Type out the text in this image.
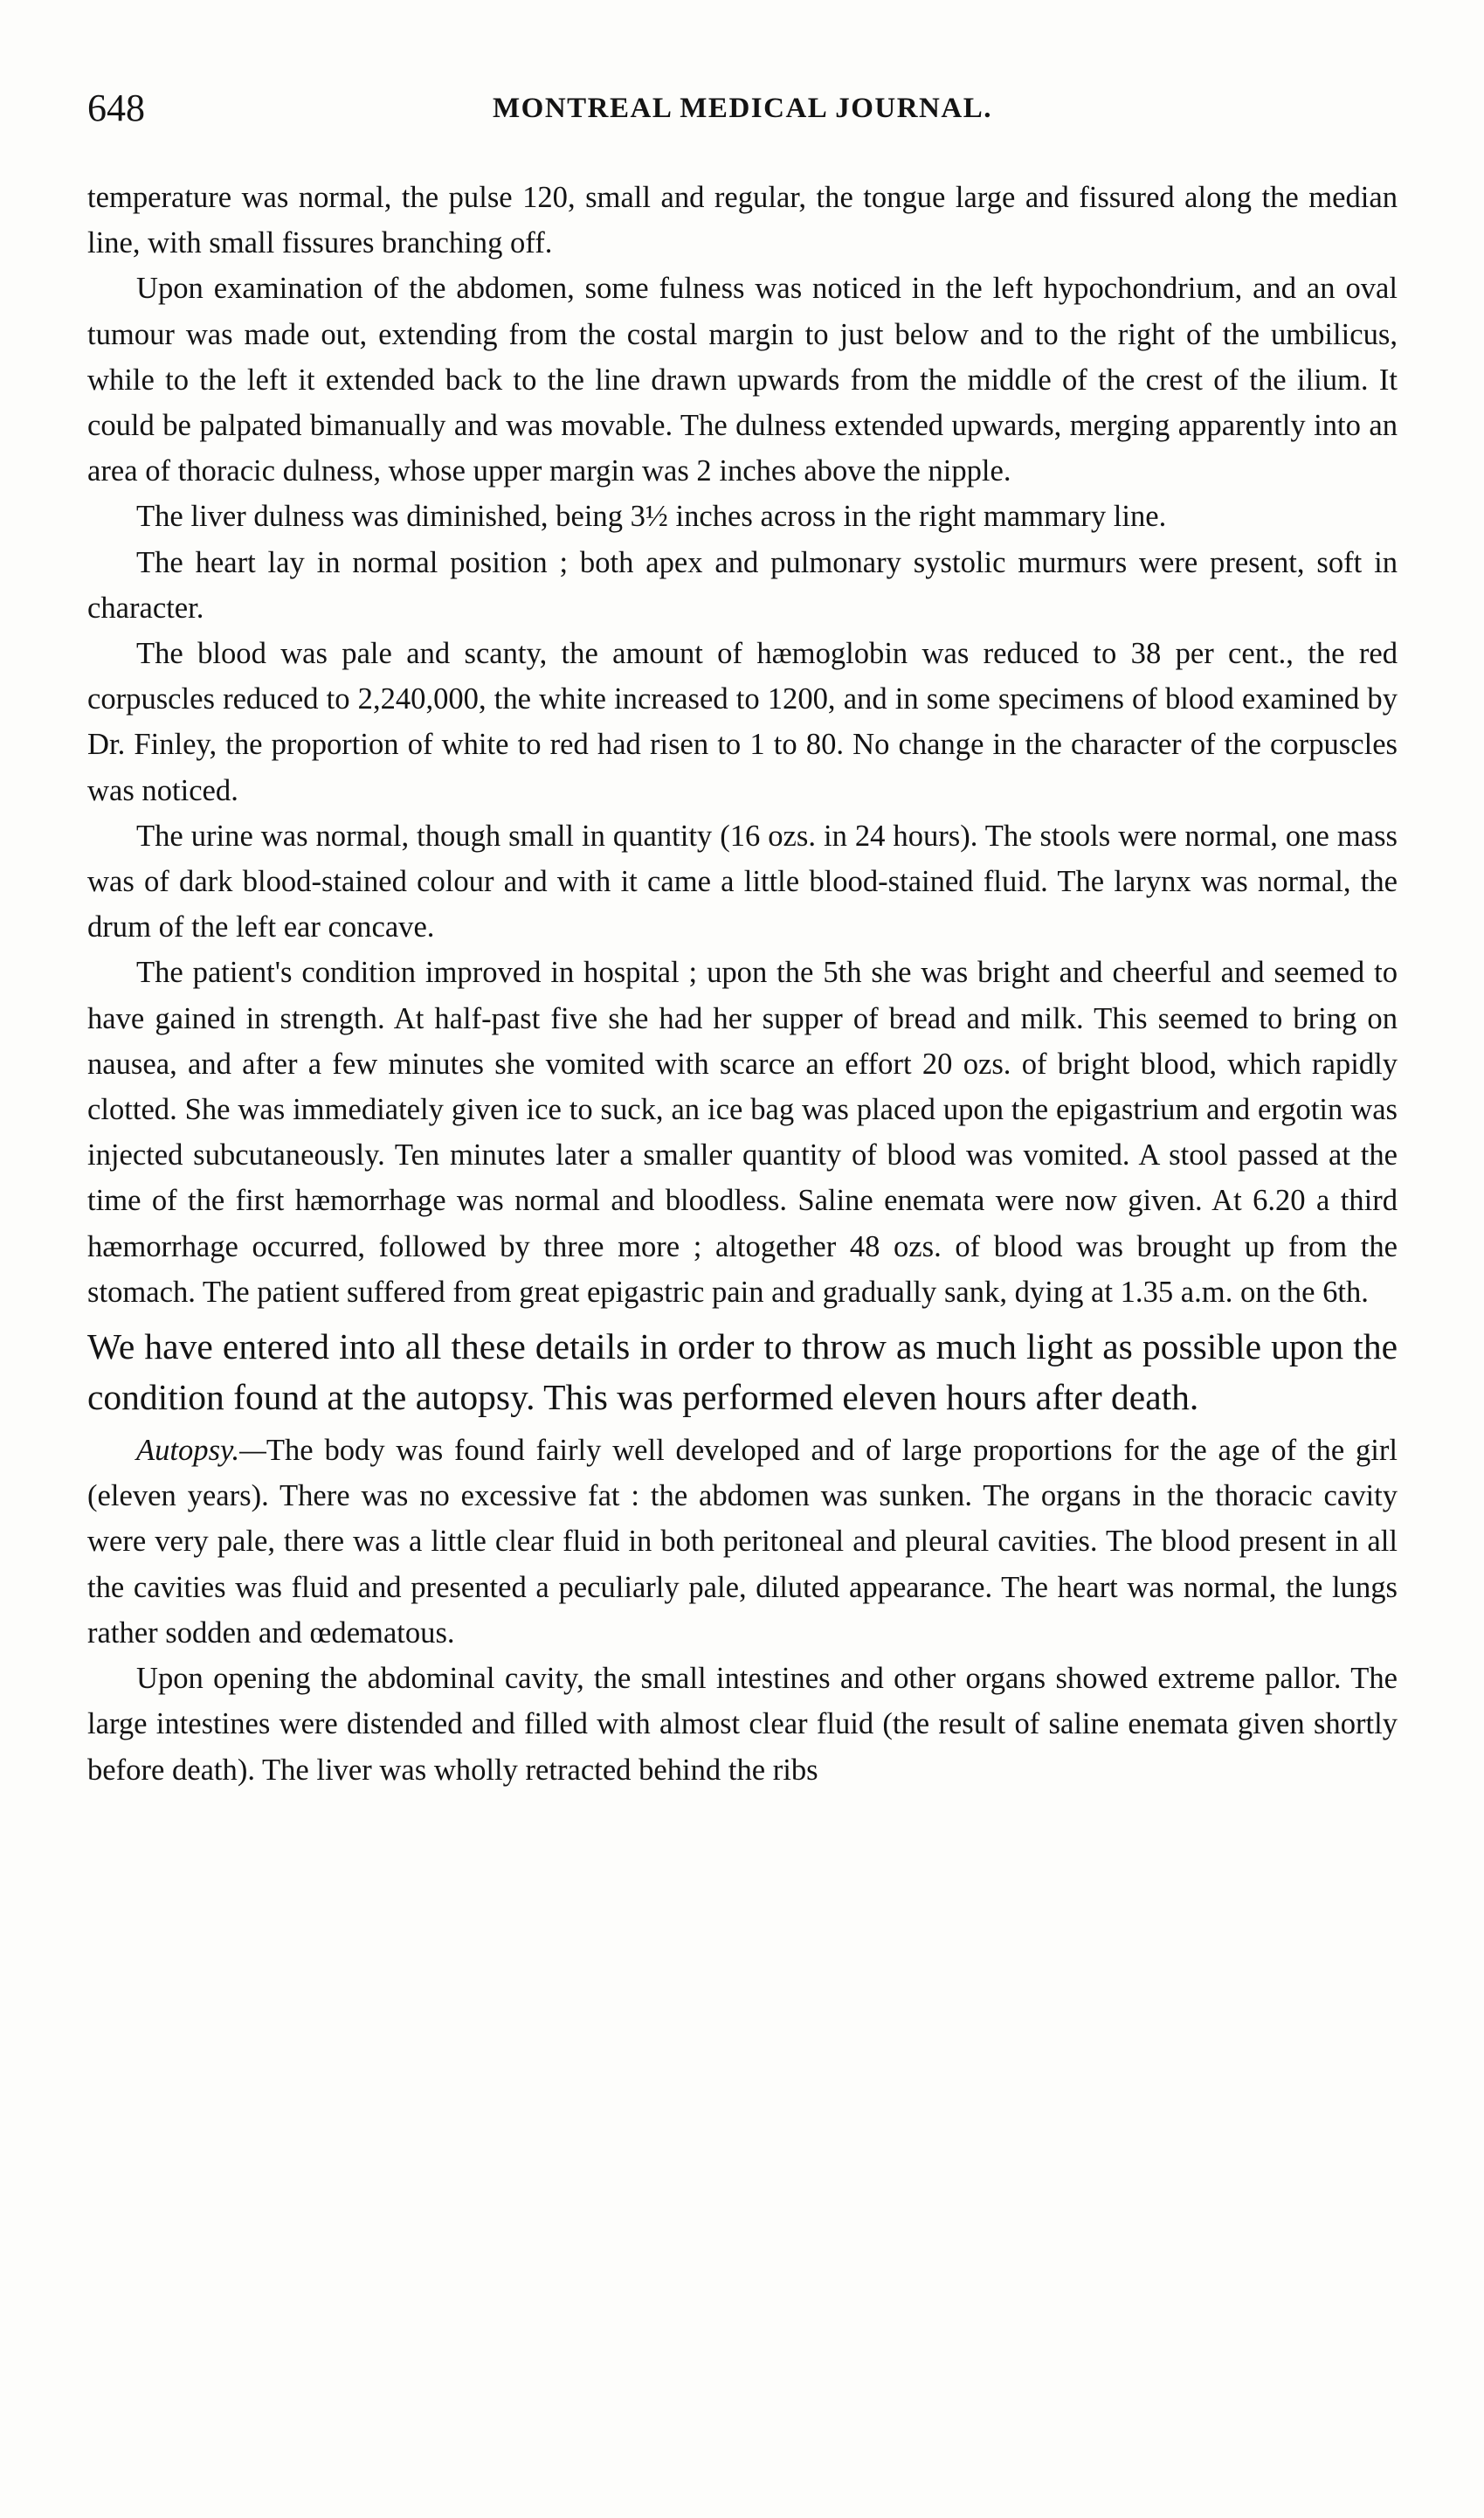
648	MONTREAL MEDICAL JOURNAL.

temperature was normal, the pulse 120, small and regular, the tongue large and fissured along the median line, with small fissures branching off.

Upon examination of the abdomen, some fulness was noticed in the left hypochondrium, and an oval tumour was made out, extending from the costal margin to just below and to the right of the umbilicus, while to the left it extended back to the line drawn upwards from the middle of the crest of the ilium. It could be palpated bimanually and was movable. The dulness extended upwards, merging apparently into an area of thoracic dulness, whose upper margin was 2 inches above the nipple.

The liver dulness was diminished, being 3½ inches across in the right mammary line.

The heart lay in normal position ; both apex and pulmonary systolic murmurs were present, soft in character.

The blood was pale and scanty, the amount of hæmoglobin was reduced to 38 per cent., the red corpuscles reduced to 2,240,000, the white increased to 1200, and in some specimens of blood examined by Dr. Finley, the proportion of white to red had risen to 1 to 80. No change in the character of the corpuscles was noticed.

The urine was normal, though small in quantity (16 ozs. in 24 hours). The stools were normal, one mass was of dark blood-stained colour and with it came a little blood-stained fluid. The larynx was normal, the drum of the left ear concave.

The patient's condition improved in hospital ; upon the 5th she was bright and cheerful and seemed to have gained in strength. At half-past five she had her supper of bread and milk. This seemed to bring on nausea, and after a few minutes she vomited with scarce an effort 20 ozs. of bright blood, which rapidly clotted. She was immediately given ice to suck, an ice bag was placed upon the epigastrium and ergotin was injected subcutaneously. Ten minutes later a smaller quantity of blood was vomited. A stool passed at the time of the first hæmorrhage was normal and bloodless. Saline enemata were now given. At 6.20 a third hæmorrhage occurred, followed by three more ; altogether 48 ozs. of blood was brought up from the stomach. The patient suffered from great epigastric pain and gradually sank, dying at 1.35 a.m. on the 6th.

We have entered into all these details in order to throw as much light as possible upon the condition found at the autopsy. This was performed eleven hours after death.

Autopsy.—The body was found fairly well developed and of large proportions for the age of the girl (eleven years). There was no excessive fat : the abdomen was sunken. The organs in the thoracic cavity were very pale, there was a little clear fluid in both peritoneal and pleural cavities. The blood present in all the cavities was fluid and presented a peculiarly pale, diluted appearance. The heart was normal, the lungs rather sodden and œdematous.

Upon opening the abdominal cavity, the small intestines and other organs showed extreme pallor. The large intestines were distended and filled with almost clear fluid (the result of saline enemata given shortly before death). The liver was wholly retracted behind the ribs
